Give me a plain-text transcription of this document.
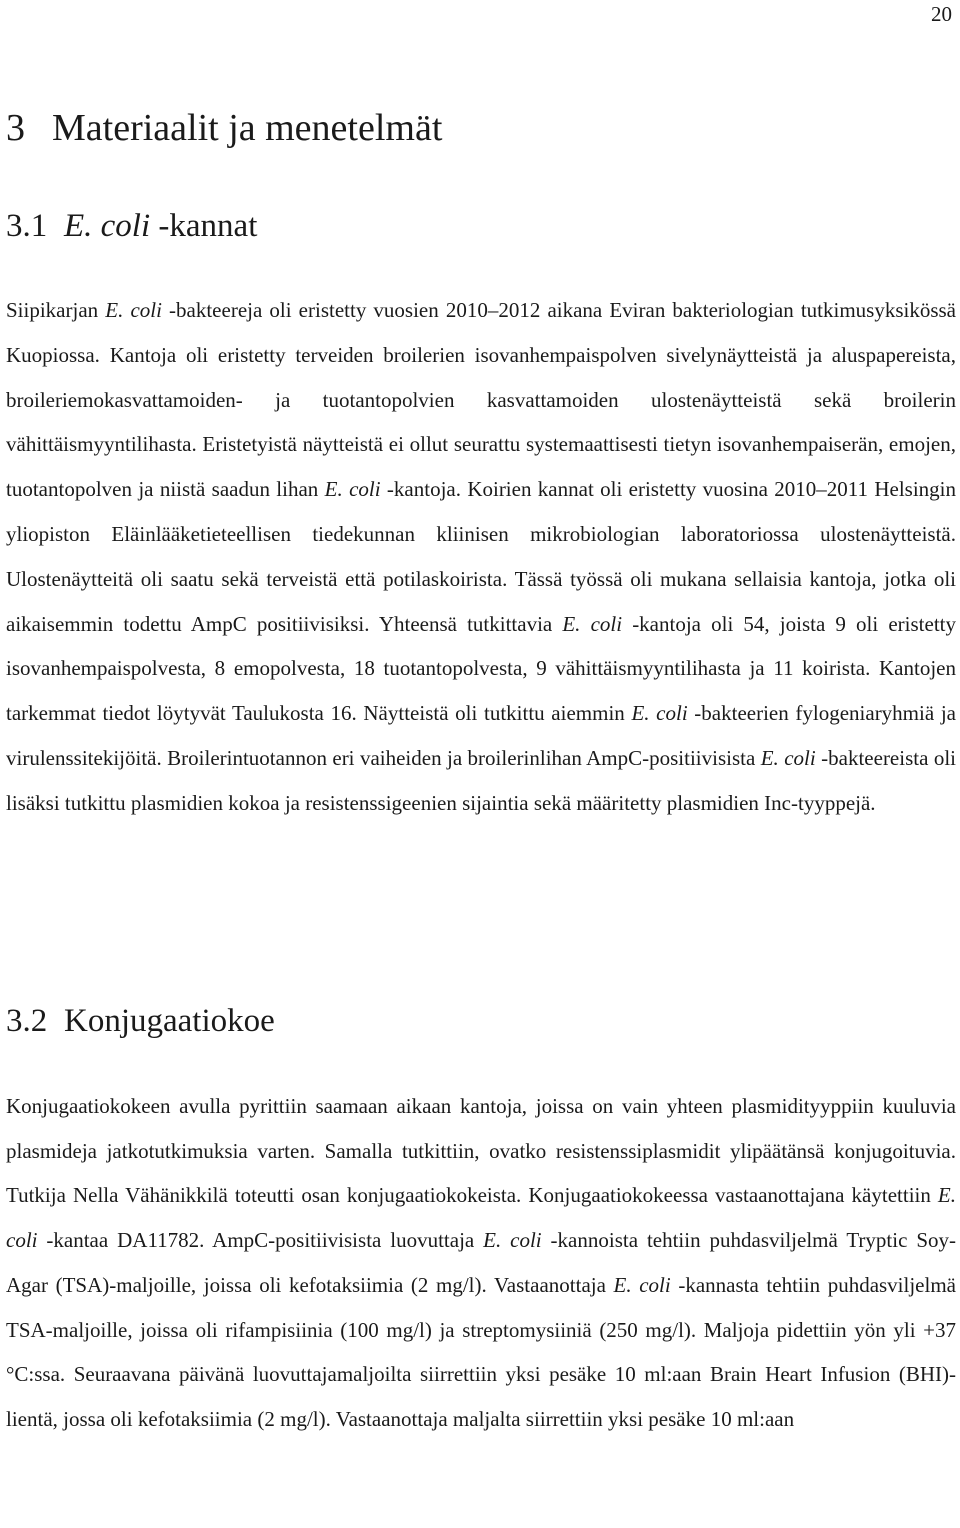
20
3 Materiaalit ja menetelmät
3.1 E. coli -kannat

Siipikarjan E. coli -bakteereja oli eristetty vuosien 2010–2012 aikana Eviran bakteriologian tutkimusyksikössä Kuopiossa. Kantoja oli eristetty terveiden broilerien isovanhempaispolven sivelynäytteistä ja aluspapereista, broileriemokasvattamoiden- ja tuotantopolvien kasvattamoiden ulostenäytteistä sekä broilerin vähittäismyyntilihasta. Eristetyistä näytteistä ei ollut seurattu systemaattisesti tietyn isovanhempaiserän, emojen, tuotantopolven ja niistä saadun lihan E. coli -kantoja. Koirien kannat oli eristetty vuosina 2010–2011 Helsingin yliopiston Eläinlääketieteellisen tiedekunnan kliinisen mikrobiologian laboratoriossa ulostenäytteistä. Ulostenäytteitä oli saatu sekä terveistä että potilaskoirista. Tässä työssä oli mukana sellaisia kantoja, jotka oli aikaisemmin todettu AmpC positiivisiksi. Yhteensä tutkittavia E. coli -kantoja oli 54, joista 9 oli eristetty isovanhempaispolvesta, 8 emopolvesta, 18 tuotantopolvesta, 9 vähittäismyyntilihasta ja 11 koirista. Kantojen tarkemmat tiedot löytyvät Taulukosta 16. Näytteistä oli tutkittu aiemmin E. coli -bakteerien fylogeniaryhmiä ja virulenssitekijöitä. Broilerintuotannon eri vaiheiden ja broilerinlihan AmpC-positiivisista E. coli -bakteereista oli lisäksi tutkittu plasmidien kokoa ja resistenssigeenien sijaintia sekä määritetty plasmidien Inc-tyyppejä.

3.2 Konjugaatiokoe

Konjugaatiokokeen avulla pyrittiin saamaan aikaan kantoja, joissa on vain yhteen plasmidityyppiin kuuluvia plasmideja jatkotutkimuksia varten. Samalla tutkittiin, ovatko resistenssiplasmidit ylipäätänsä konjugoituvia. Tutkija Nella Vähänikkilä toteutti osan konjugaatiokokeista. Konjugaatiokokeessa vastaanottajana käytettiin E. coli -kantaa DA11782. AmpC-positiivisista luovuttaja E. coli -kannoista tehtiin puhdasviljelmä Tryptic Soy-Agar (TSA)-maljoille, joissa oli kefotaksiimia (2 mg/l). Vastaanottaja E. coli -kannasta tehtiin puhdasviljelmä TSA-maljoille, joissa oli rifampisiinia (100 mg/l) ja streptomysiiniä (250 mg/l). Maljoja pidettiin yön yli +37 °C:ssa. Seuraavana päivänä luovuttajamaljoilta siirrettiin yksi pesäke 10 ml:aan Brain Heart Infusion (BHI)-lientä, jossa oli kefotaksiimia (2 mg/l). Vastaanottaja maljalta siirrettiin yksi pesäke 10 ml:aan
